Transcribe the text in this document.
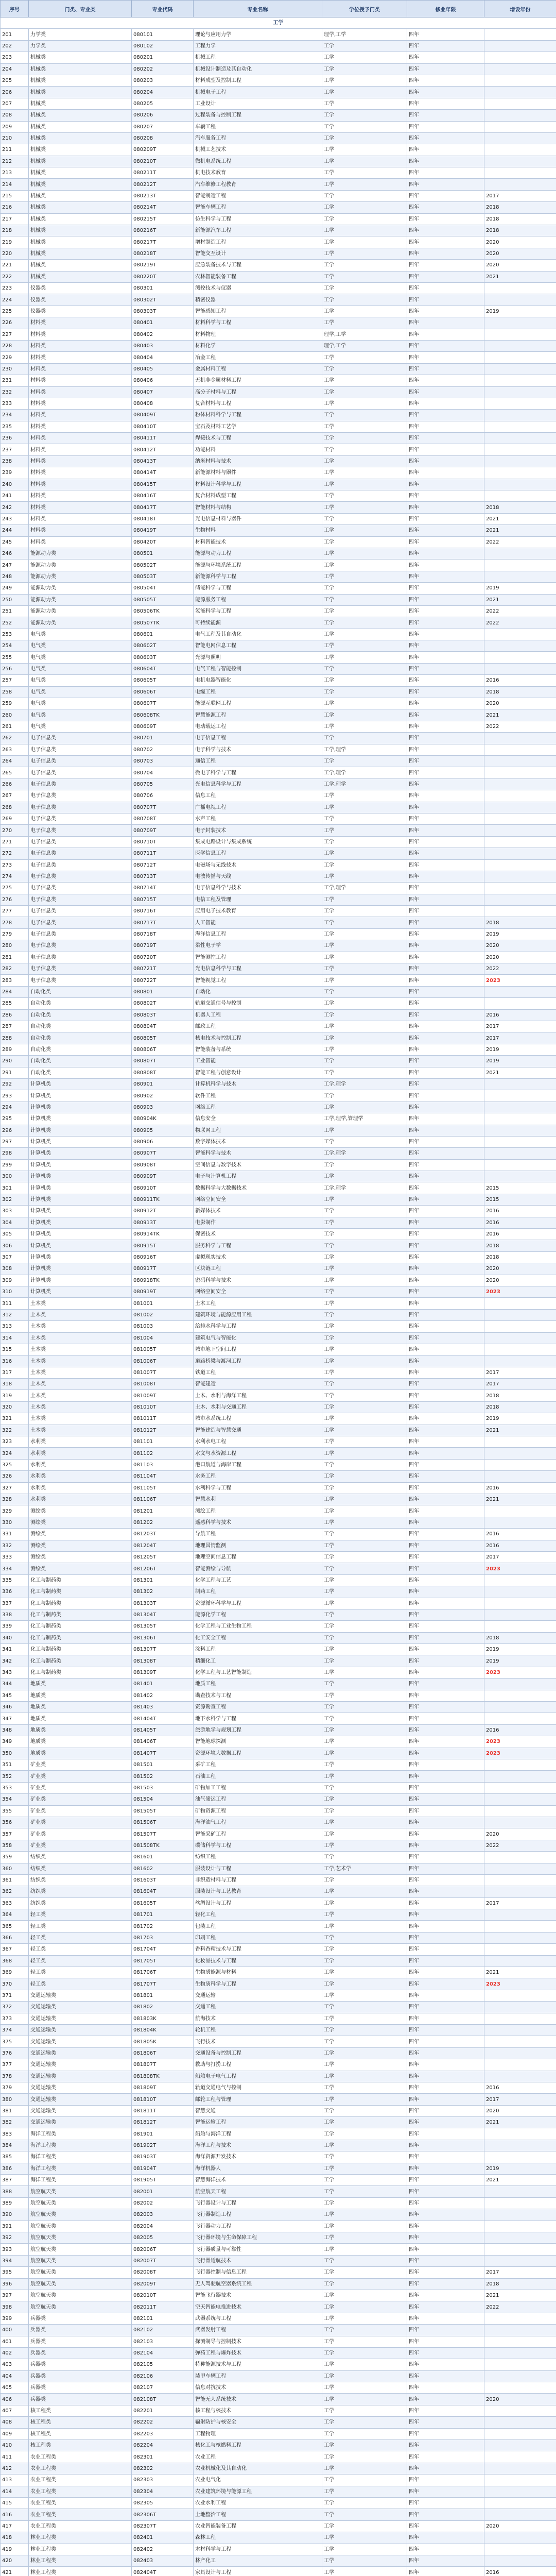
序号	门类、专业类	专业代码	专业名称	学位授予门类	修业年限	增设年份
工学						
201	力学类	080101	理论与应用力学	理学,工学	四年	
202	力学类	080102	工程力学	工学	四年	
203	机械类	080201	机械工程	工学	四年	
204	机械类	080202	机械设计制造及其自动化	工学	四年	
205	机械类	080203	材料成型及控制工程	工学	四年	
206	机械类	080204	机械电子工程	工学	四年	
207	机械类	080205	工业设计	工学	四年	
208	机械类	080206	过程装备与控制工程	工学	四年	
209	机械类	080207	车辆工程	工学	四年	
210	机械类	080208	汽车服务工程	工学	四年	
211	机械类	080209T	机械工艺技术	工学	四年	
212	机械类	080210T	微机电系统工程	工学	四年	
213	机械类	080211T	机电技术教育	工学	四年	
214	机械类	080212T	汽车维修工程教育	工学	四年	
215	机械类	080213T	智能制造工程	工学	四年	2017
216	机械类	080214T	智能车辆工程	工学	四年	2018
217	机械类	080215T	仿生科学与工程	工学	四年	2018
218	机械类	080216T	新能源汽车工程	工学	四年	2018
219	机械类	080217T	增材制造工程	工学	四年	2020
220	机械类	080218T	智能交互设计	工学	四年	2020
221	机械类	080219T	应急装备技术与工程	工学	四年	2020
222	机械类	080220T	农林智能装备工程	工学	四年	2021
223	仪器类	080301	测控技术与仪器	工学	四年	
224	仪器类	080302T	精密仪器	工学	四年	
225	仪器类	080303T	智能感知工程	工学	四年	2019
226	材料类	080401	材料科学与工程	工学	四年	
227	材料类	080402	材料物理	理学,工学	四年	
228	材料类	080403	材料化学	理学,工学	四年	
229	材料类	080404	冶金工程	工学	四年	
230	材料类	080405	金属材料工程	工学	四年	
231	材料类	080406	无机非金属材料工程	工学	四年	
232	材料类	080407	高分子材料与工程	工学	四年	
233	材料类	080408	复合材料与工程	工学	四年	
234	材料类	080409T	粉体材料科学与工程	工学	四年	
235	材料类	080410T	宝石及材料工艺学	工学	四年	
236	材料类	080411T	焊接技术与工程	工学	四年	
237	材料类	080412T	功能材料	工学	四年	
238	材料类	080413T	纳米材料与技术	工学	四年	
239	材料类	080414T	新能源材料与器件	工学	四年	
240	材料类	080415T	材料设计科学与工程	工学	四年	
241	材料类	080416T	复合材料成型工程	工学	四年	
242	材料类	080417T	智能材料与结构	工学	四年	2018
243	材料类	080418T	光电信息材料与器件	工学	四年	2021
244	材料类	080419T	生物材料	工学	四年	2021
245	材料类	080420T	材料智能技术	工学	四年	2022
246	能源动力类	080501	能源与动力工程	工学	四年	
247	能源动力类	080502T	能源与环境系统工程	工学	四年	
248	能源动力类	080503T	新能源科学与工程	工学	四年	
249	能源动力类	080504T	储能科学与工程	工学	四年	2019
250	能源动力类	080505T	能源服务工程	工学	四年	2021
251	能源动力类	080506TK	氢能科学与工程	工学	四年	2022
252	能源动力类	080507TK	可持续能源	工学	四年	2022
253	电气类	080601	电气工程及其自动化	工学	四年	
254	电气类	080602T	智能电网信息工程	工学	四年	
255	电气类	080603T	光源与照明	工学	四年	
256	电气类	080604T	电气工程与智能控制	工学	四年	
257	电气类	080605T	电机电器智能化	工学	四年	2016
258	电气类	080606T	电缆工程	工学	四年	2018
259	电气类	080607T	能源互联网工程	工学	四年	2020
260	电气类	080608TK	智慧能源工程	工学	四年	2021
261	电气类	080609T	电动载运工程	工学	四年	2022
262	电子信息类	080701	电子信息工程	工学	四年	
263	电子信息类	080702	电子科学与技术	工学,理学	四年	
264	电子信息类	080703	通信工程	工学	四年	
265	电子信息类	080704	微电子科学与工程	工学,理学	四年	
266	电子信息类	080705	光电信息科学与工程	工学,理学	四年	
267	电子信息类	080706	信息工程	工学	四年	
268	电子信息类	080707T	广播电视工程	工学	四年	
269	电子信息类	080708T	水声工程	工学	四年	
270	电子信息类	080709T	电子封装技术	工学	四年	
271	电子信息类	080710T	集成电路设计与集成系统	工学	四年	
272	电子信息类	080711T	医学信息工程	工学	四年	
273	电子信息类	080712T	电磁场与无线技术	工学	四年	
274	电子信息类	080713T	电波传播与天线	工学	四年	
275	电子信息类	080714T	电子信息科学与技术	工学,理学	四年	
276	电子信息类	080715T	电信工程及管理	工学	四年	
277	电子信息类	080716T	应用电子技术教育	工学	四年	
278	电子信息类	080717T	人工智能	工学	四年	2018
279	电子信息类	080718T	海洋信息工程	工学	四年	2019
280	电子信息类	080719T	柔性电子学	工学	四年	2020
281	电子信息类	080720T	智能测控工程	工学	四年	2020
282	电子信息类	080721T	光电信息科学与工程	工学	四年	2022
283	电子信息类	080722T	智能视觉工程	工学	四年	2023
284	自动化类	080801	自动化	工学	四年	
285	自动化类	080802T	轨道交通信号与控制	工学	四年	
286	自动化类	080803T	机器人工程	工学	四年	2016
287	自动化类	080804T	邮政工程	工学	四年	2017
288	自动化类	080805T	核电技术与控制工程	工学	四年	2017
289	自动化类	080806T	智能装备与系统	工学	四年	2019
290	自动化类	080807T	工业智能	工学	四年	2019
291	自动化类	080808T	智能工程与创意设计	工学	四年	2021
292	计算机类	080901	计算机科学与技术	工学,理学	四年	
293	计算机类	080902	软件工程	工学	四年	
294	计算机类	080903	网络工程	工学	四年	
295	计算机类	080904K	信息安全	工学,理学,管理学	四年	
296	计算机类	080905	物联网工程	工学	四年	
297	计算机类	080906	数字媒体技术	工学	四年	
298	计算机类	080907T	智能科学与技术	工学,理学	四年	
299	计算机类	080908T	空间信息与数字技术	工学	四年	
300	计算机类	080909T	电子与计算机工程	工学	四年	
301	计算机类	080910T	数据科学与大数据技术	工学,理学	四年	2015
302	计算机类	080911TK	网络空间安全	工学	四年	2015
303	计算机类	080912T	新媒体技术	工学	四年	2016
304	计算机类	080913T	电影制作	工学	四年	2016
305	计算机类	080914TK	保密技术	工学	四年	2016
306	计算机类	080915T	服务科学与工程	工学	四年	2018
307	计算机类	080916T	虚拟现实技术	工学	四年	2018
308	计算机类	080917T	区块链工程	工学	四年	2020
309	计算机类	080918TK	密码科学与技术	工学	四年	2020
310	计算机类	080919T	网络空间安全	工学	四年	2023
311	土木类	081001	土木工程	工学	四年	
312	土木类	081002	建筑环境与能源应用工程	工学	四年	
313	土木类	081003	给排水科学与工程	工学	四年	
314	土木类	081004	建筑电气与智能化	工学	四年	
315	土木类	081005T	城市地下空间工程	工学	四年	
316	土木类	081006T	道路桥梁与渡河工程	工学	四年	
317	土木类	081007T	铁道工程	工学	四年	2017
318	土木类	081008T	智能建造	工学	四年	2017
319	土木类	081009T	土木、水利与海洋工程	工学	四年	2018
320	土木类	081010T	土木、水利与交通工程	工学	四年	2018
321	土木类	081011T	城市水系统工程	工学	四年	2019
322	土木类	081012T	智能建造与智慧交通	工学	四年	2021
323	水利类	081101	水利水电工程	工学	四年	
324	水利类	081102	水文与水资源工程	工学	四年	
325	水利类	081103	港口航道与海岸工程	工学	四年	
326	水利类	081104T	水务工程	工学	四年	
327	水利类	081105T	水利科学与工程	工学	四年	2016
328	水利类	081106T	智慧水利	工学	四年	2021
329	测绘类	081201	测绘工程	工学	四年	
330	测绘类	081202	遥感科学与技术	工学	四年	
331	测绘类	081203T	导航工程	工学	四年	2016
332	测绘类	081204T	地理国情监测	工学	四年	2016
333	测绘类	081205T	地理空间信息工程	工学	四年	2017
334	测绘类	081206T	智能测绘与导航	工学	四年	2023
335	化工与制药类	081301	化学工程与工艺	工学	四年	
336	化工与制药类	081302	制药工程	工学	四年	
337	化工与制药类	081303T	资源循环科学与工程	工学	四年	
338	化工与制药类	081304T	能源化学工程	工学	四年	
339	化工与制药类	081305T	化学工程与工业生物工程	工学	四年	
340	化工与制药类	081306T	化工安全工程	工学	四年	2018
341	化工与制药类	081307T	涂料工程	工学	四年	2019
342	化工与制药类	081308T	精细化工	工学	四年	2019
343	化工与制药类	081309T	化学工程与工艺智能制造	工学	四年	2023
344	地质类	081401	地质工程	工学	四年	
345	地质类	081402	勘查技术与工程	工学	四年	
346	地质类	081403	资源勘查工程	工学	四年	
347	地质类	081404T	地下水科学与工程	工学	四年	
348	地质类	081405T	旅游地学与规划工程	工学	四年	2016
349	地质类	081406T	智能地球探测	工学	四年	2023
350	地质类	081407T	资源环境大数据工程	工学	四年	2023
351	矿业类	081501	采矿工程	工学	四年	
352	矿业类	081502	石油工程	工学	四年	
353	矿业类	081503	矿物加工工程	工学	四年	
354	矿业类	081504	油气储运工程	工学	四年	
355	矿业类	081505T	矿物资源工程	工学	四年	
356	矿业类	081506T	海洋油气工程	工学	四年	
357	矿业类	081507T	智能采矿工程	工学	四年	2020
358	矿业类	081508TK	碳储科学与工程	工学	四年	2022
359	纺织类	081601	纺织工程	工学	四年	
360	纺织类	081602	服装设计与工程	工学,艺术学	四年	
361	纺织类	081603T	非织造材料与工程	工学	四年	
362	纺织类	081604T	服装设计与工艺教育	工学	四年	
363	纺织类	081605T	丝绸设计与工程	工学	四年	2017
364	轻工类	081701	轻化工程	工学	四年	
365	轻工类	081702	包装工程	工学	四年	
366	轻工类	081703	印刷工程	工学	四年	
367	轻工类	081704T	香料香精技术与工程	工学	四年	
368	轻工类	081705T	化妆品技术与工程	工学	四年	
369	轻工类	081706T	生物质能源与材料	工学	四年	2021
370	轻工类	081707T	生物质科学与工程	工学	四年	2023
371	交通运输类	081801	交通运输	工学	四年	
372	交通运输类	081802	交通工程	工学	四年	
373	交通运输类	081803K	航海技术	工学	四年	
374	交通运输类	081804K	轮机工程	工学	四年	
375	交通运输类	081805K	飞行技术	工学	四年	
376	交通运输类	081806T	交通设备与控制工程	工学	四年	
377	交通运输类	081807T	救助与打捞工程	工学	四年	
378	交通运输类	081808TK	船舶电子电气工程	工学	四年	
379	交通运输类	081809T	轨道交通电气与控制	工学	四年	2016
380	交通运输类	081810T	邮轮工程与管理	工学	四年	2017
381	交通运输类	081811T	智慧交通	工学	四年	2020
382	交通运输类	081812T	智能运输工程	工学	四年	2021
383	海洋工程类	081901	船舶与海洋工程	工学	四年	
384	海洋工程类	081902T	海洋工程与技术	工学	四年	
385	海洋工程类	081903T	海洋资源开发技术	工学	四年	
386	海洋工程类	081904T	海洋机器人	工学	四年	2019
387	海洋工程类	081905T	智慧海洋技术	工学	四年	2021
388	航空航天类	082001	航空航天工程	工学	四年	
389	航空航天类	082002	飞行器设计与工程	工学	四年	
390	航空航天类	082003	飞行器制造工程	工学	四年	
391	航空航天类	082004	飞行器动力工程	工学	四年	
392	航空航天类	082005	飞行器环境与生命保障工程	工学	四年	
393	航空航天类	082006T	飞行器质量与可靠性	工学	四年	
394	航空航天类	082007T	飞行器适航技术	工学	四年	
395	航空航天类	082008T	飞行器控制与信息工程	工学	四年	2017
396	航空航天类	082009T	无人驾驶航空器系统工程	工学	四年	2018
397	航空航天类	082010T	智能飞行器技术	工学	四年	2021
398	航空航天类	082011T	空天智能电推进技术	工学	四年	2022
399	兵器类	082101	武器系统与工程	工学	四年	
400	兵器类	082102	武器发射工程	工学	四年	
401	兵器类	082103	探测制导与控制技术	工学	四年	
402	兵器类	082104	弹药工程与爆炸技术	工学	四年	
403	兵器类	082105	特种能源技术与工程	工学	四年	
404	兵器类	082106	装甲车辆工程	工学	四年	
405	兵器类	082107	信息对抗技术	工学	四年	
406	兵器类	082108T	智能无人系统技术	工学	四年	2020
407	核工程类	082201	核工程与核技术	工学	四年	
408	核工程类	082202	辐射防护与核安全	工学	四年	
409	核工程类	082203	工程物理	工学	四年	
410	核工程类	082204	核化工与核燃料工程	工学	四年	
411	农业工程类	082301	农业工程	工学	四年	
412	农业工程类	082302	农业机械化及其自动化	工学	四年	
413	农业工程类	082303	农业电气化	工学	四年	
414	农业工程类	082304	农业建筑环境与能源工程	工学	四年	
415	农业工程类	082305	农业水利工程	工学	四年	
416	农业工程类	082306T	土地整治工程	工学	四年	
417	农业工程类	082307T	农业智能装备工程	工学	四年	2020
418	林业工程类	082401	森林工程	工学	四年	
419	林业工程类	082402	木材科学与工程	工学	四年	
420	林业工程类	082403	林产化工	工学	四年	
421	林业工程类	082404T	家具设计与工程	工学	四年	2016
